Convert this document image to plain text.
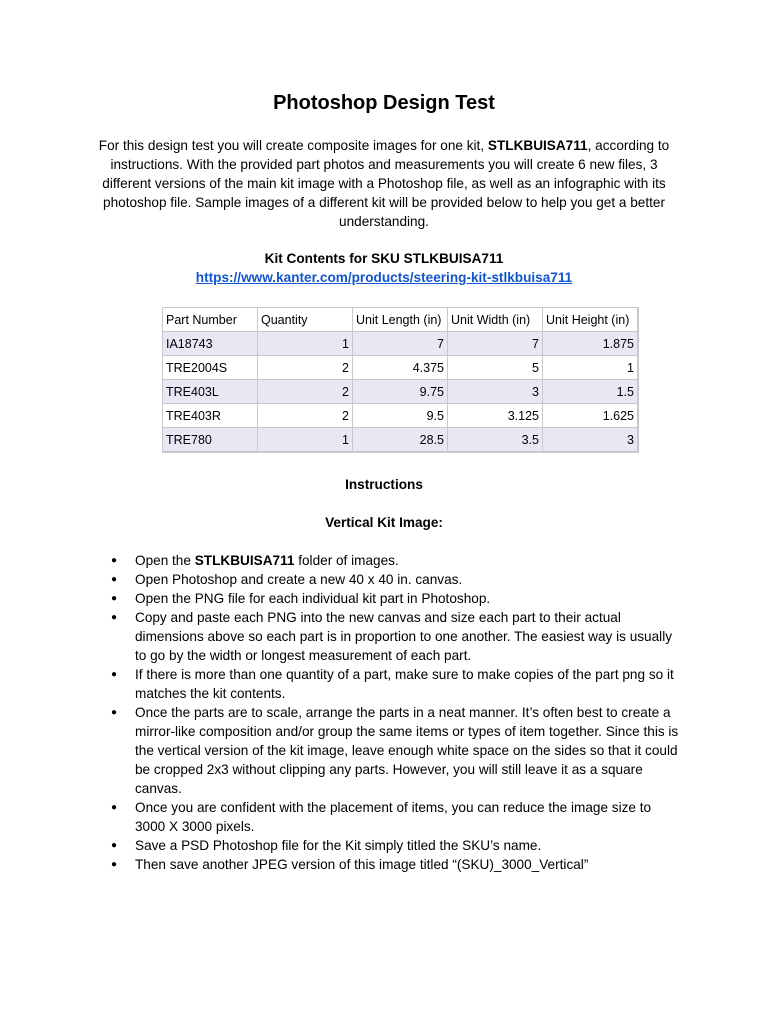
Photoshop Design Test
For this design test you will create composite images for one kit, STLKBUISA711, according to instructions. With the provided part photos and measurements you will create 6 new files, 3 different versions of the main kit image with a Photoshop file, as well as an infographic with its photoshop file. Sample images of a different kit will be provided below to help you get a better understanding.
Kit Contents for SKU STLKBUISA711
https://www.kanter.com/products/steering-kit-stlkbuisa711
Part Number	Quantity	Unit Length (in)	Unit Width (in)	Unit Height (in)
IA18743	1	7	7	1.875
TRE2004S	2	4.375	5	1
TRE403L	2	9.75	3	1.5
TRE403R	2	9.5	3.125	1.625
TRE780	1	28.5	3.5	3
Instructions
Vertical Kit Image:
● Open the STLKBUISA711 folder of images.
● Open Photoshop and create a new 40 x 40 in. canvas.
● Open the PNG file for each individual kit part in Photoshop.
● Copy and paste each PNG into the new canvas and size each part to their actual dimensions above so each part is in proportion to one another. The easiest way is usually to go by the width or longest measurement of each part.
● If there is more than one quantity of a part, make sure to make copies of the part png so it matches the kit contents.
● Once the parts are to scale, arrange the parts in a neat manner. It’s often best to create a mirror-like composition and/or group the same items or types of item together. Since this is the vertical version of the kit image, leave enough white space on the sides so that it could be cropped 2x3 without clipping any parts. However, you will still leave it as a square canvas.
● Once you are confident with the placement of items, you can reduce the image size to 3000 X 3000 pixels.
● Save a PSD Photoshop file for the Kit simply titled the SKU’s name.
● Then save another JPEG version of this image titled “(SKU)_3000_Vertical”
